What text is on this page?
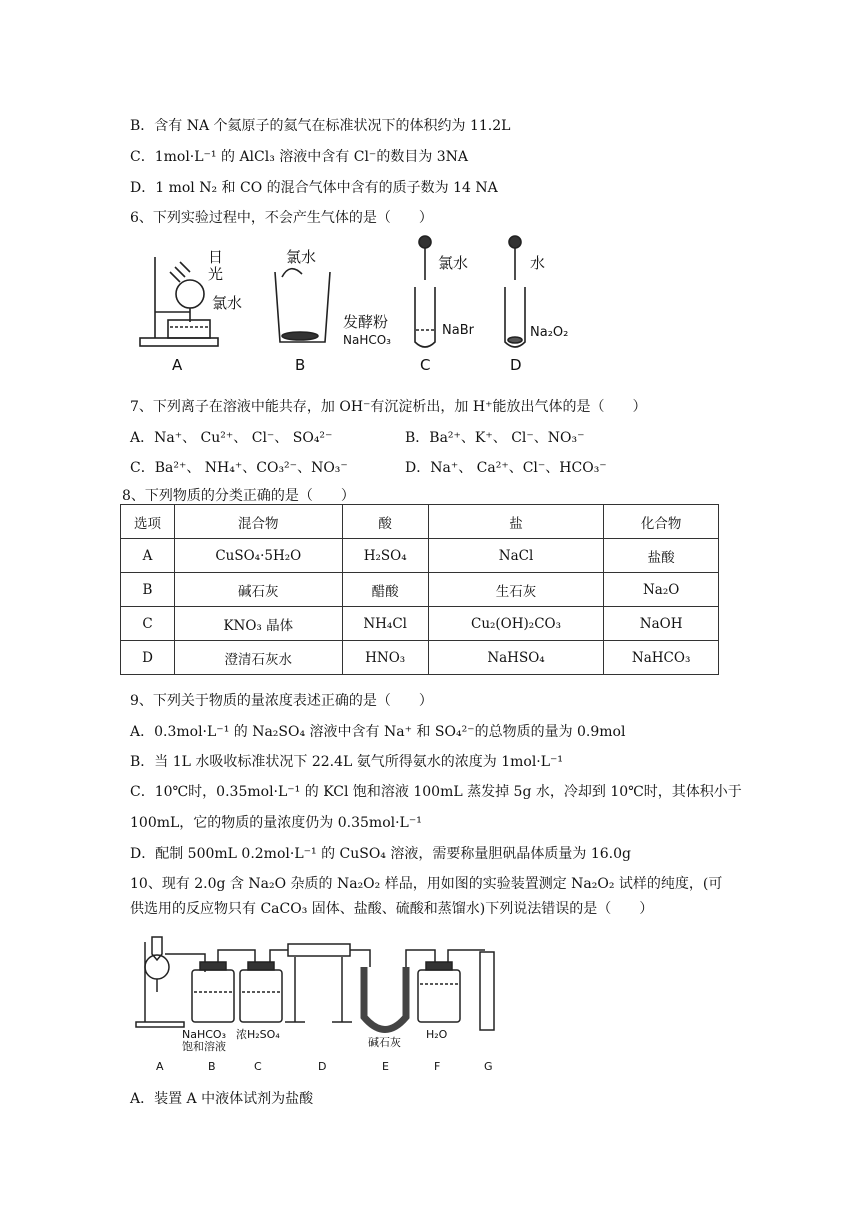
B．含有 NA 个氦原子的氦气在标准状况下的体积约为 11.2L
C．1mol·L⁻¹ 的 AlCl₃ 溶液中含有 Cl⁻的数目为 3NA
D．1 mol N₂ 和 CO 的混合气体中含有的质子数为 14 NA
6、下列实验过程中，不会产生气体的是（　　）
日
光
氯水
氯水
发酵粉
NaHCO₃
氯水
NaBr
水
Na₂O₂
A	B	C	D
7、下列离子在溶液中能共存，加 OH⁻有沉淀析出，加 H⁺能放出气体的是（　　）
A．Na⁺、 Cu²⁺、 Cl⁻、 SO₄²⁻	B．Ba²⁺、K⁺、 Cl⁻、NO₃⁻
C．Ba²⁺、 NH₄⁺、CO₃²⁻、NO₃⁻	D．Na⁺、 Ca²⁺、Cl⁻、HCO₃⁻
8、下列物质的分类正确的是（　　）
选项	混合物	酸	盐	化合物
A	CuSO₄·5H₂O	H₂SO₄	NaCl	盐酸
B	碱石灰	醋酸	生石灰	Na₂O
C	KNO₃ 晶体	NH₄Cl	Cu₂(OH)₂CO₃	NaOH
D	澄清石灰水	HNO₃	NaHSO₄	NaHCO₃
9、下列关于物质的量浓度表述正确的是（　　）
A．0.3mol·L⁻¹ 的 Na₂SO₄ 溶液中含有 Na⁺ 和 SO₄²⁻的总物质的量为 0.9mol
B．当 1L 水吸收标准状况下 22.4L 氨气所得氨水的浓度为 1mol·L⁻¹
C．10℃时，0.35mol·L⁻¹ 的 KCl 饱和溶液 100mL 蒸发掉 5g 水，冷却到 10℃时，其体积小于
100mL，它的物质的量浓度仍为 0.35mol·L⁻¹
D．配制 500mL 0.2mol·L⁻¹ 的 CuSO₄ 溶液，需要称量胆矾晶体质量为 16.0g
10、现有 2.0g 含 Na₂O 杂质的 Na₂O₂ 样品，用如图的实验装置测定 Na₂O₂ 试样的纯度，(可
供选用的反应物只有 CaCO₃ 固体、盐酸、硫酸和蒸馏水)下列说法错误的是（　　）
NaHCO₃
饱和溶液
浓H₂SO₄
碱石灰
H₂O
A	B	C	D	E	F	G
A．装置 A 中液体试剂为盐酸
